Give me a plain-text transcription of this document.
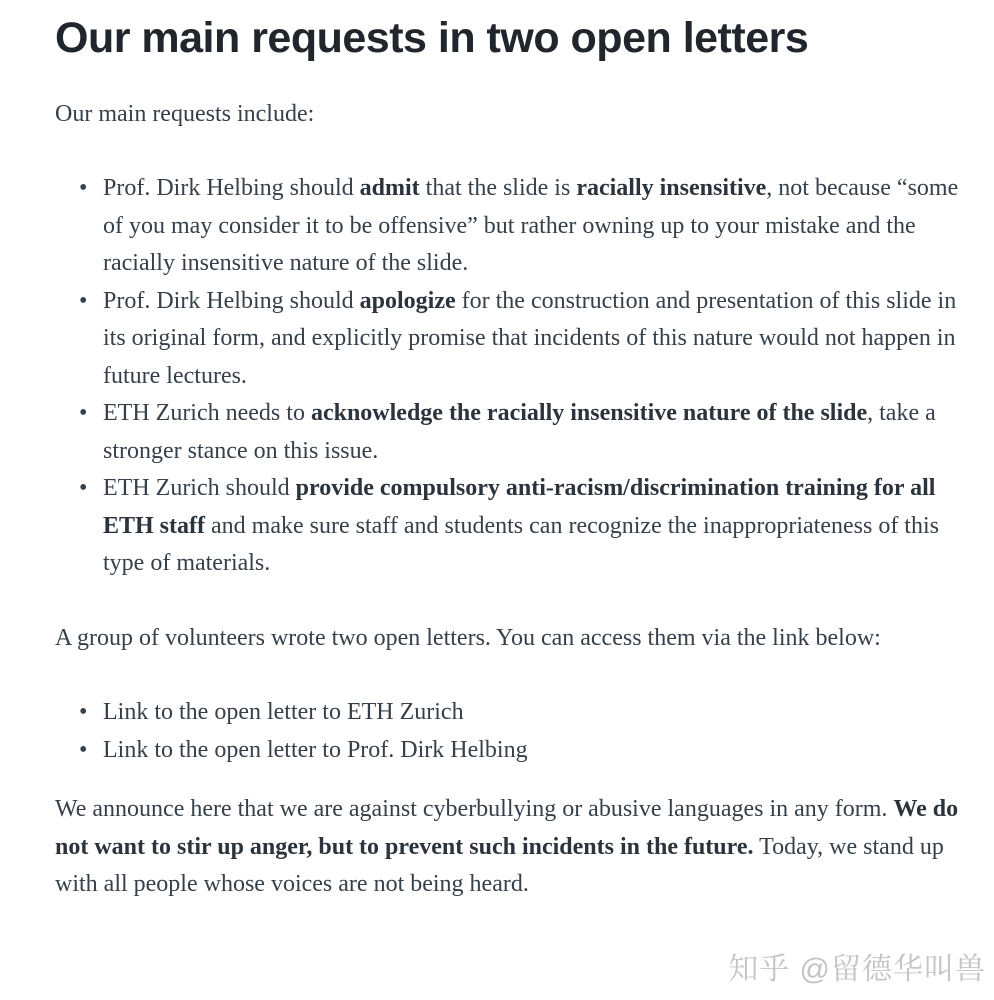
Our main requests in two open letters

Our main requests include:

• Prof. Dirk Helbing should admit that the slide is racially insensitive, not because “some of you may consider it to be offensive” but rather owning up to your mistake and the racially insensitive nature of the slide.
• Prof. Dirk Helbing should apologize for the construction and presentation of this slide in its original form, and explicitly promise that incidents of this nature would not happen in future lectures.
• ETH Zurich needs to acknowledge the racially insensitive nature of the slide, take a stronger stance on this issue.
• ETH Zurich should provide compulsory anti-racism/discrimination training for all ETH staff and make sure staff and students can recognize the inappropriateness of this type of materials.

A group of volunteers wrote two open letters. You can access them via the link below:

• Link to the open letter to ETH Zurich
• Link to the open letter to Prof. Dirk Helbing

We announce here that we are against cyberbullying or abusive languages in any form. We do not want to stir up anger, but to prevent such incidents in the future. Today, we stand up with all people whose voices are not being heard.

知乎 @留德华叫兽
